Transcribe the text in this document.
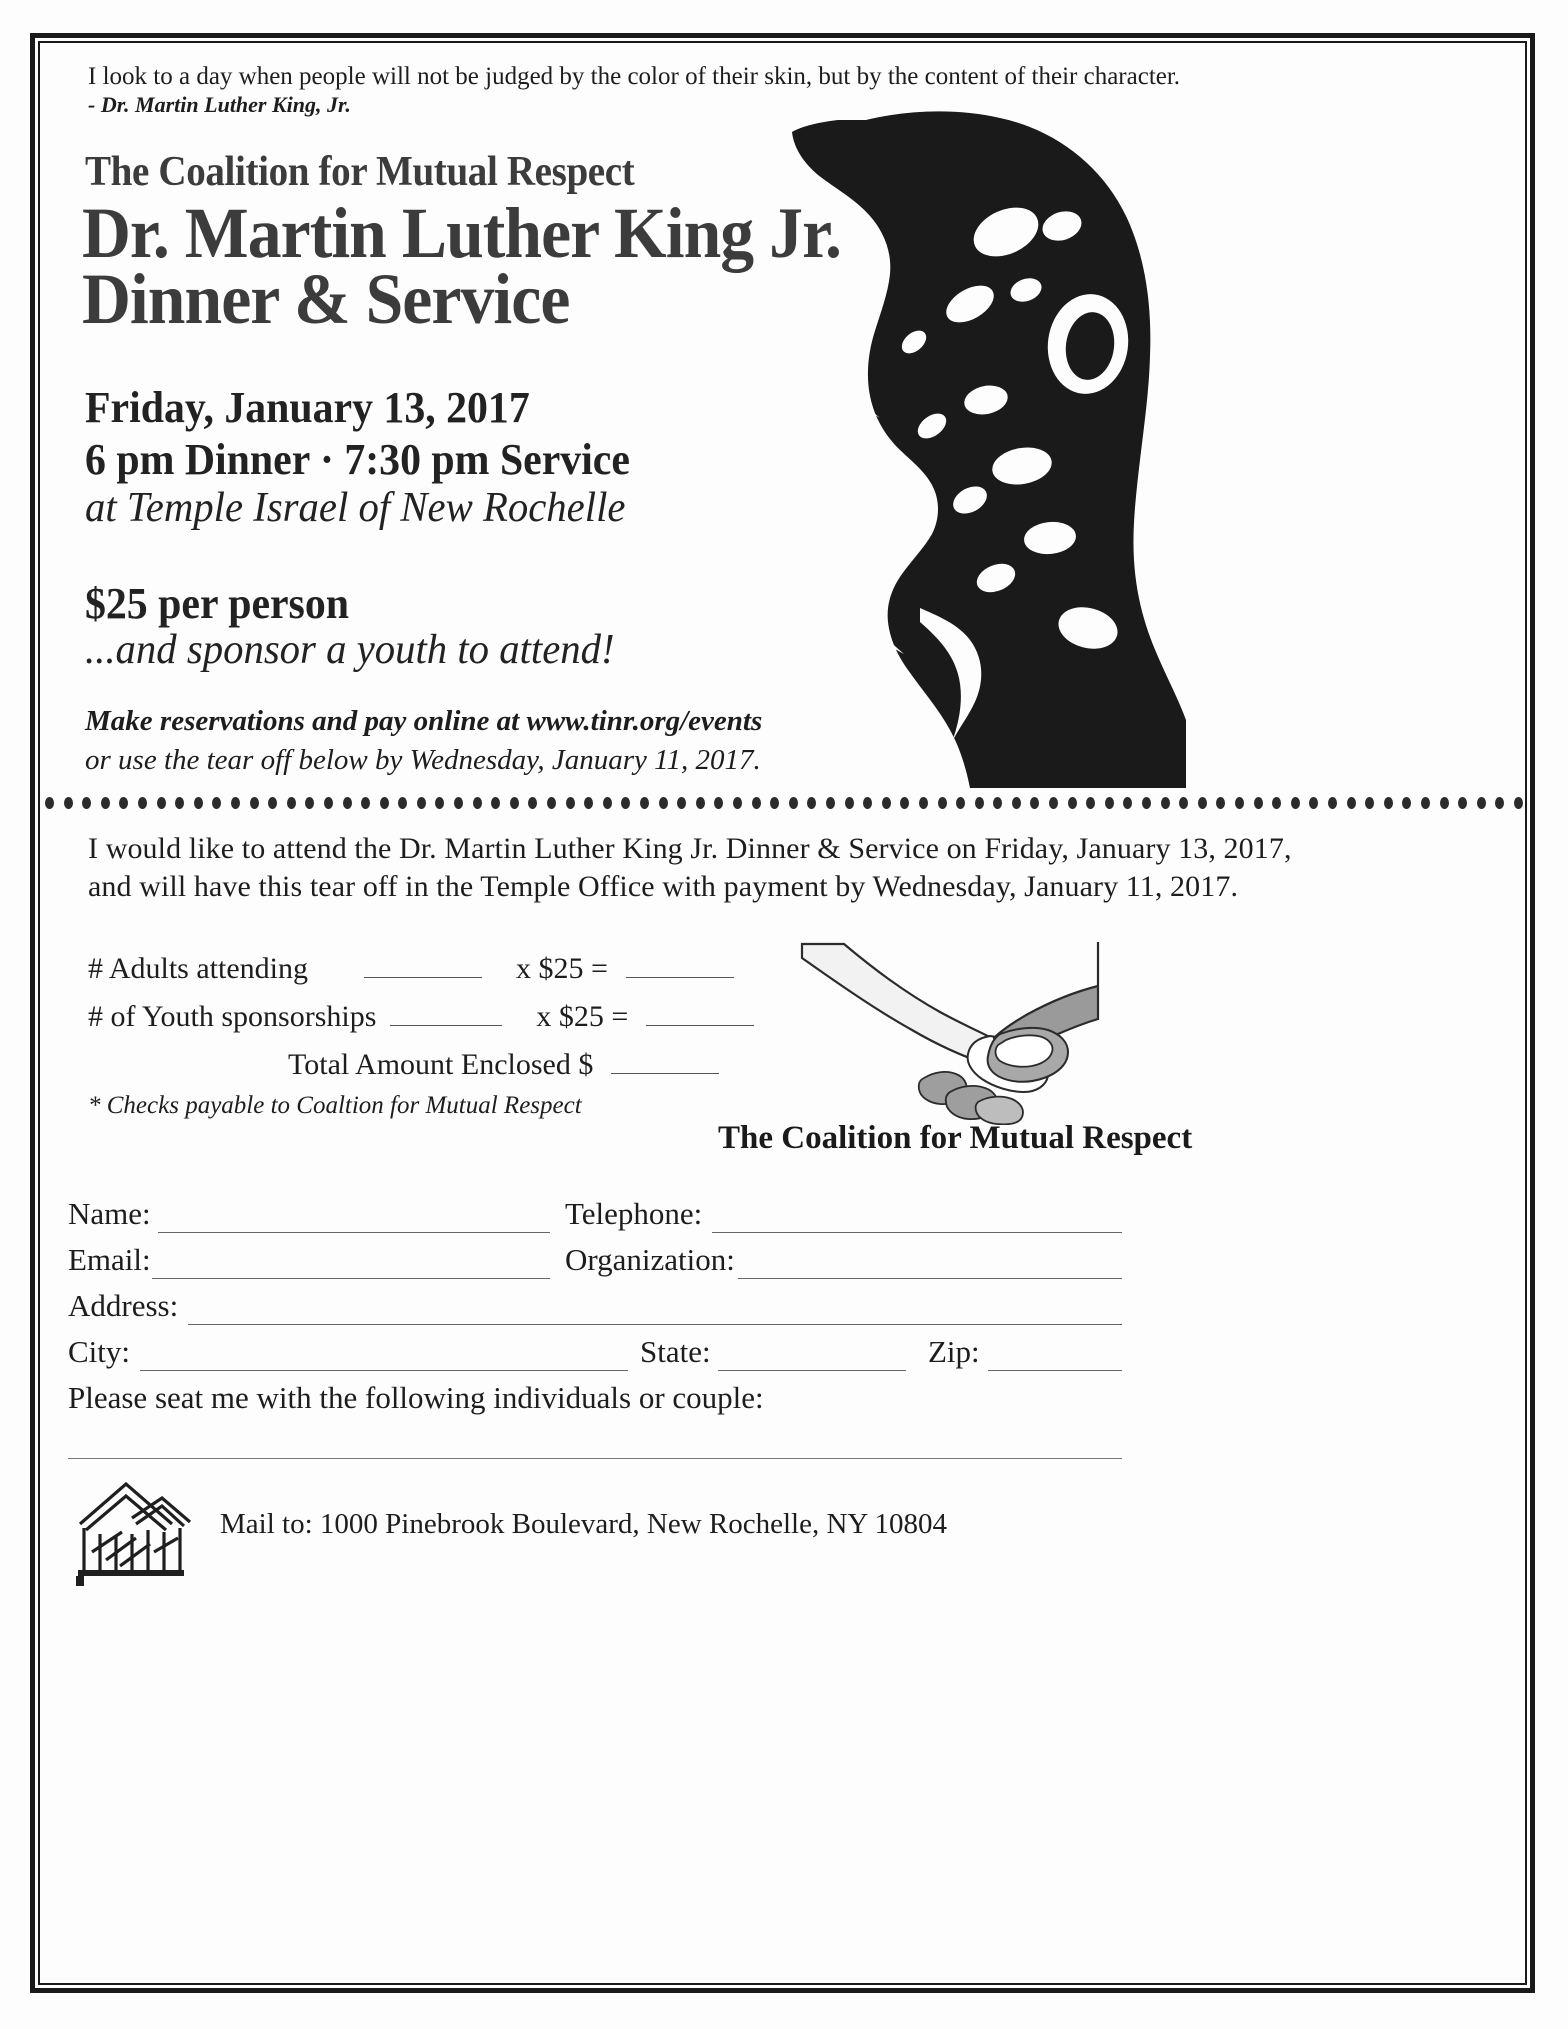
I look to a day when people will not be judged by the color of their skin, but by the content of their character.
- Dr. Martin Luther King, Jr.
The Coalition for Mutual Respect
Dr. Martin Luther King Jr.
Dinner & Service
Friday, January 13, 2017
6 pm Dinner · 7:30 pm Service
at Temple Israel of New Rochelle
$25 per person
...and sponsor a youth to attend!
Make reservations and pay online at www.tinr.org/events
or use the tear off below by Wednesday, January 11, 2017.
I would like to attend the Dr. Martin Luther King Jr. Dinner & Service on Friday, January 13, 2017,
and will have this tear off in the Temple Office with payment by Wednesday, January 11, 2017.
# Adults attending	x $25 =
# of Youth sponsorships	x $25 =
Total Amount Enclosed $
* Checks payable to Coaltion for Mutual Respect
The Coalition for Mutual Respect
Name:	Telephone:
Email:	Organization:
Address:
City:	State:	Zip:
Please seat me with the following individuals or couple:
Mail to: 1000 Pinebrook Boulevard, New Rochelle, NY 10804
